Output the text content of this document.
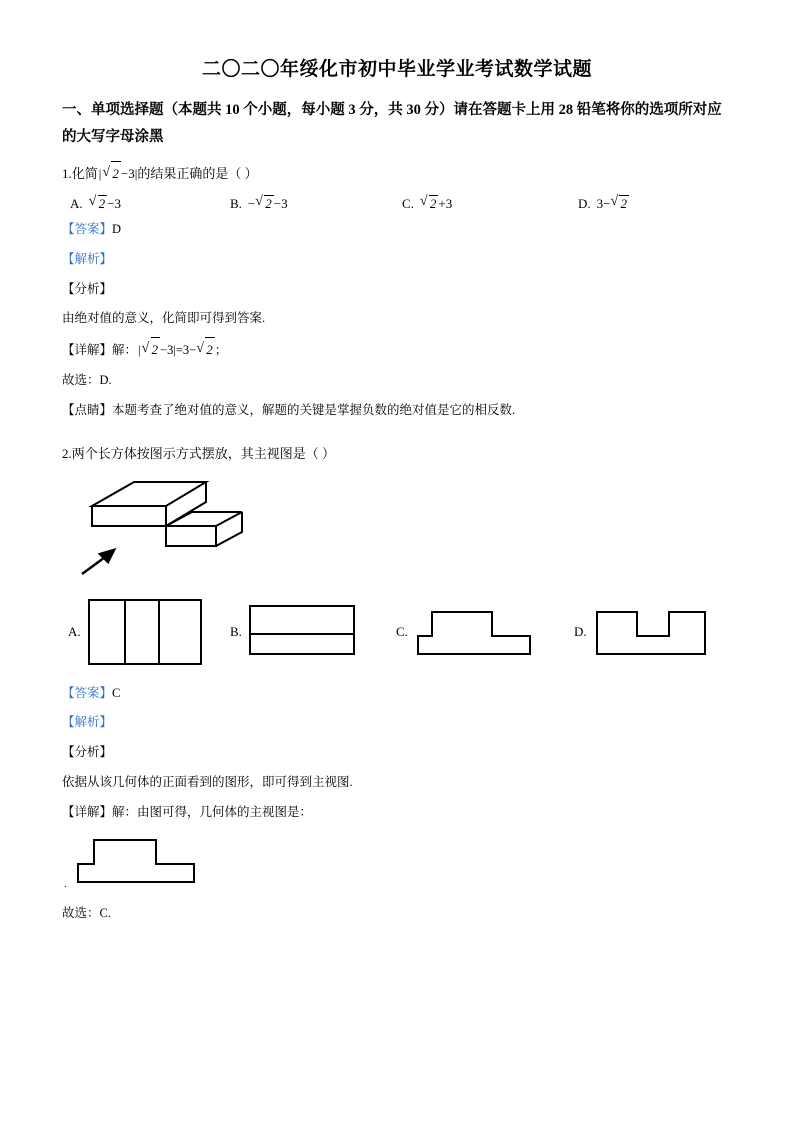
二〇二〇年绥化市初中毕业学业考试数学试题
一、单项选择题（本题共 10 个小题，每小题 3 分，共 30 分）请在答题卡上用 28 铅笔将你的选项所对应的大写字母涂黑
1.化简| √ 2 −3|的结果正确的是（ ）
A.	√ 2 −3	B. − √ 2 −3	C.	√ 2 +3	D. 3− √ 2
【答案】D
【解析】
【分析】
由绝对值的意义，化简即可得到答案.
【详解】解：| √ 2 −3|=3− √ 2 ；
故选：D.
【点睛】本题考查了绝对值的意义，解题的关键是掌握负数的绝对值是它的相反数.
2.两个长方体按图示方式摆放，其主视图是（ ）
A.	B.	C.	D.
【答案】C
【解析】
【分析】
依据从该几何体的正面看到的图形，即可得到主视图.
【详解】解：由图可得，几何体的主视图是：
.
故选：C.
